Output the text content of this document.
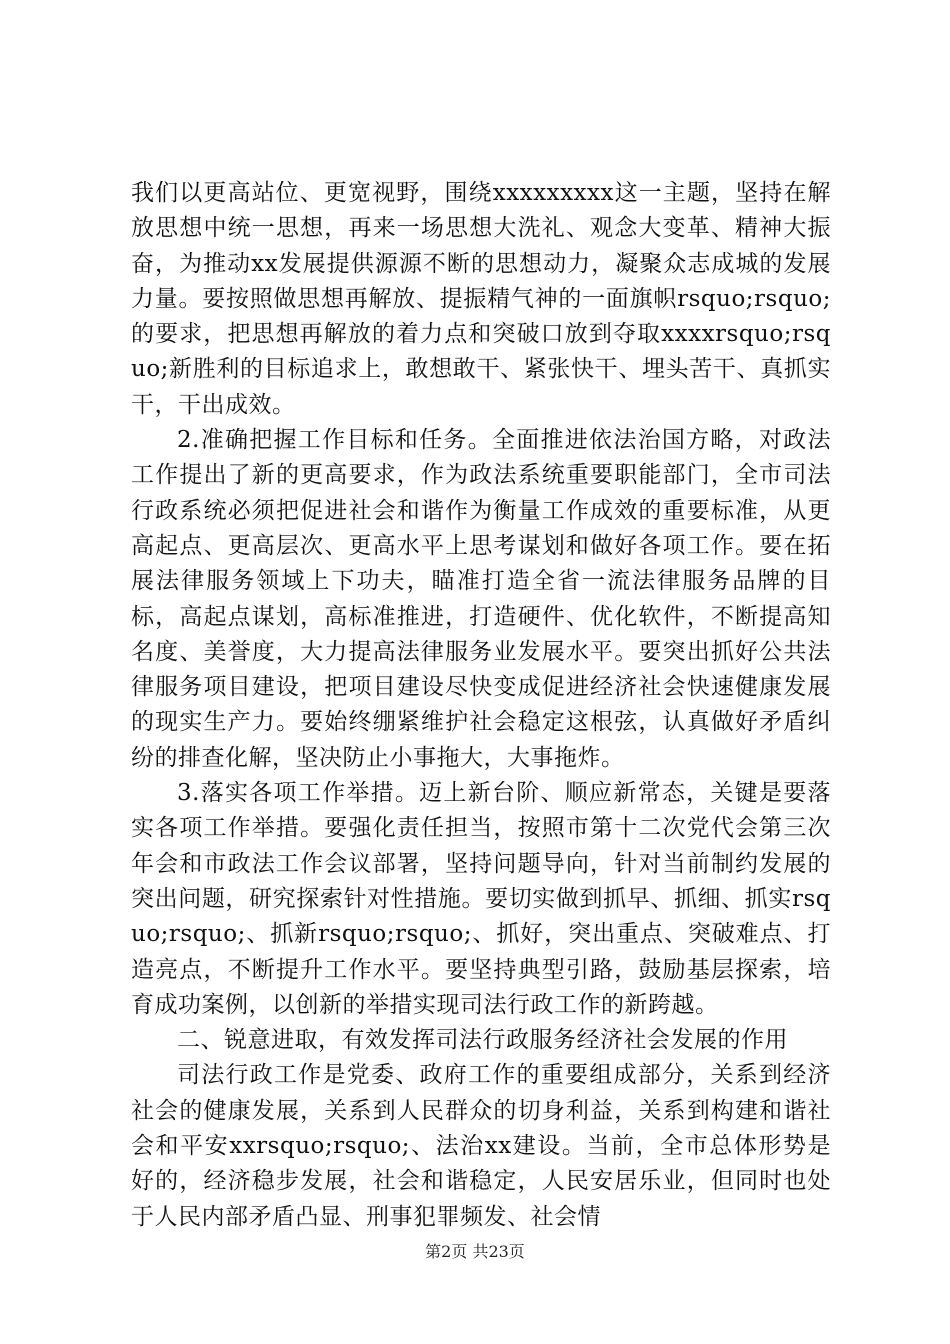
我们以更高站位、更宽视野，围绕xxxxxxxxx这一主题，坚持在解放思想中统一思想，再来一场思想大洗礼、观念大变革、精神大振奋，为推动xx发展提供源源不断的思想动力，凝聚众志成城的发展力量。要按照做思想再解放、提振精气神的一面旗帜rsquo;rsquo;的要求，把思想再解放的着力点和突破口放到夺取xxxxrsquo;rsquo;新胜利的目标追求上，敢想敢干、紧张快干、埋头苦干、真抓实干，干出成效。

2.准确把握工作目标和任务。全面推进依法治国方略，对政法工作提出了新的更高要求，作为政法系统重要职能部门，全市司法行政系统必须把促进社会和谐作为衡量工作成效的重要标准，从更高起点、更高层次、更高水平上思考谋划和做好各项工作。要在拓展法律服务领域上下功夫，瞄准打造全省一流法律服务品牌的目标，高起点谋划，高标准推进，打造硬件、优化软件，不断提高知名度、美誉度，大力提高法律服务业发展水平。要突出抓好公共法律服务项目建设，把项目建设尽快变成促进经济社会快速健康发展的现实生产力。要始终绷紧维护社会稳定这根弦，认真做好矛盾纠纷的排查化解，坚决防止小事拖大，大事拖炸。

3.落实各项工作举措。迈上新台阶、顺应新常态，关键是要落实各项工作举措。要强化责任担当，按照市第十二次党代会第三次年会和市政法工作会议部署，坚持问题导向，针对当前制约发展的突出问题，研究探索针对性措施。要切实做到抓早、抓细、抓实rsquo;rsquo;、抓新rsquo;rsquo;、抓好，突出重点、突破难点、打造亮点，不断提升工作水平。要坚持典型引路，鼓励基层探索，培育成功案例，以创新的举措实现司法行政工作的新跨越。

二、锐意进取，有效发挥司法行政服务经济社会发展的作用

司法行政工作是党委、政府工作的重要组成部分，关系到经济社会的健康发展，关系到人民群众的切身利益，关系到构建和谐社会和平安xxrsquo;rsquo;、法治xx建设。当前，全市总体形势是好的，经济稳步发展，社会和谐稳定，人民安居乐业，但同时也处于人民内部矛盾凸显、刑事犯罪频发、社会情

第2页 共23页
